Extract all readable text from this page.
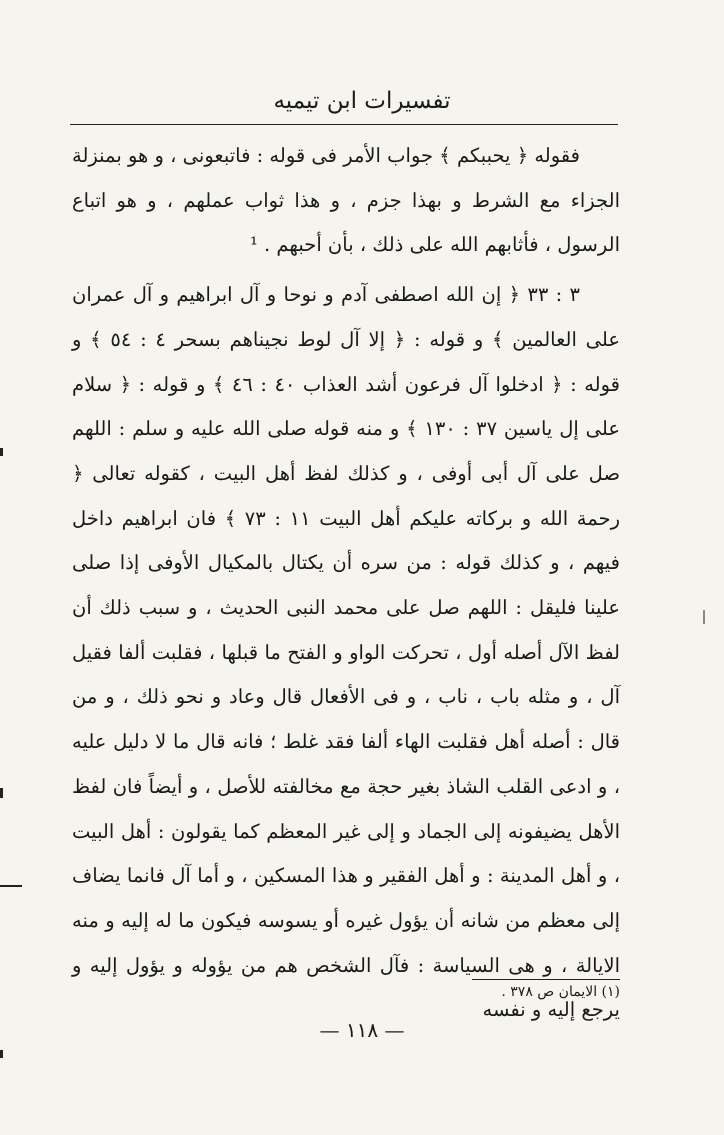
تفسيرات ابن تيميه

فقوله ﴿ يحببكم ﴾ جواب الأمر فى قوله : فاتبعونى ، و هو بمنزلة الجزاء مع الشرط و بهذا جزم ، و هذا ثواب عملهم ، و هو اتباع الرسول ، فأثابهم الله على ذلك ، بأن أحبهم . ¹

٣ : ٣٣ ﴿ إن الله اصطفى آدم و نوحا و آل ابراهيم و آل عمران على العالمين ﴾ و قوله : ﴿ إلا آل لوط نجيناهم بسحر ٤ : ٥٤ ﴾ و قوله : ﴿ ادخلوا آل فرعون أشد العذاب ٤٠ : ٤٦ ﴾ و قوله : ﴿ سلام على إل ياسين ٣٧ : ١٣٠ ﴾ و منه قوله صلى الله عليه و سلم : اللهم صل على آل أبى أوفى ، و كذلك لفظ أهل البيت ، كقوله تعالى ﴿ رحمة الله و بركاته عليكم أهل البيت ١١ : ٧٣ ﴾ فان ابراهيم داخل فيهم ، و كذلك قوله : من سره أن يكتال بالمكيال الأوفى إذا صلى علينا فليقل : اللهم صل على محمد النبى الحديث ، و سبب ذلك أن لفظ الآل أصله أول ، تحركت الواو و الفتح ما قبلها ، فقلبت ألفا فقيل آل ، و مثله باب ، ناب ، و فى الأفعال قال وعاد و نحو ذلك ، و من قال : أصله أهل فقلبت الهاء ألفا فقد غلط ؛ فانه قال ما لا دليل عليه ، و ادعى القلب الشاذ بغير حجة مع مخالفته للأصل ، و أيضاً فان لفظ الأهل يضيفونه إلى الجماد و إلى غير المعظم كما يقولون : أهل البيت ، و أهل المدينة : و أهل الفقير و هذا المسكين ، و أما آل فانما يضاف إلى معظم من شانه أن يؤول غيره أو يسوسه فيكون ما له إليه و منه الايالة ، و هى السياسة : فآل الشخص هم من يؤوله و يؤول إليه و يرجع إليه و نفسه

(١) الايمان ص ٣٧٨ .
— ١١٨ —
